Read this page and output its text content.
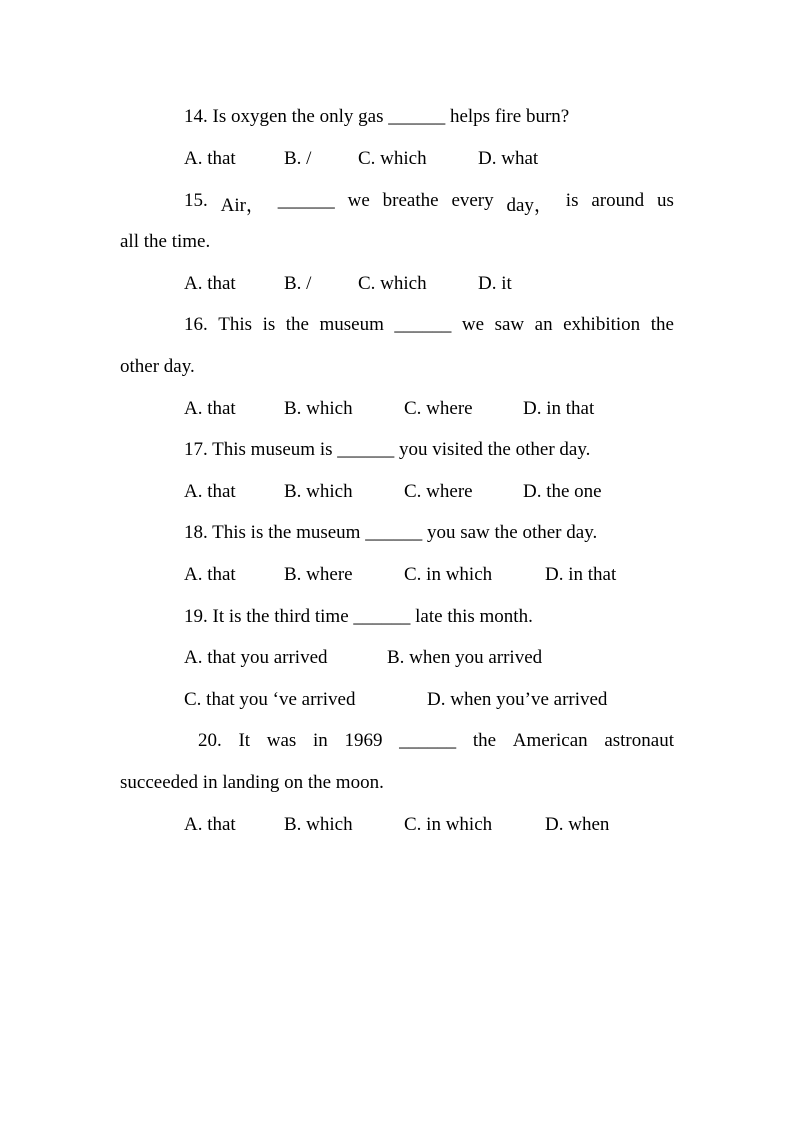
14. Is oxygen the only gas ______ helps fire burn?
A. that	B. / C. which	D. what
15. Air， ______ we breathe every day， is around us
all the time.
A. that	B. / C. which	D. it
16. This is the museum ______ we saw an exhibition the
other day.
A. that	B. which	C. where	D. in that
17. This museum is ______ you visited the other day.
A. that	B. which	C. where	D. the one
18. This is the museum ______ you saw the other day.
A. that	B. where	C. in which	D. in that
19. It is the third time ______ late this month.
A. that you arrived	B. when you arrived
C. that you ‘ve arrived	D. when you’ve arrived
20. It was in 1969 ______ the American astronaut
succeeded in landing on the moon.
A. that	B. which	C. in which	D. when
